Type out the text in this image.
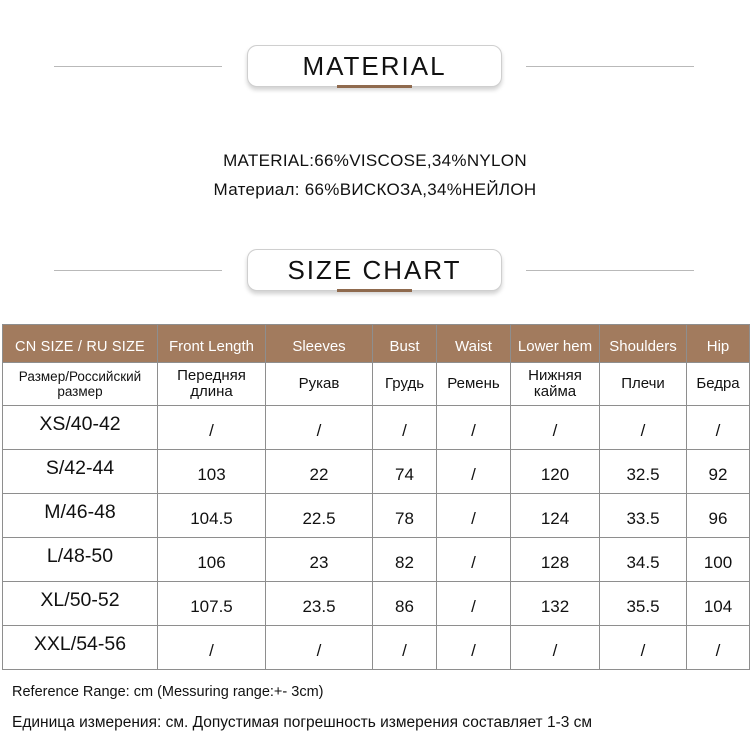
MATERIAL
MATERIAL:66%VISCOSE,34%NYLON
Материал: 66%ВИСКОЗА,34%НЕЙЛОН
SIZE CHART
CN SIZE / RU SIZE	Front Length	Sleeves	Bust	Waist	Lower hem	Shoulders	Hip
Размер/Российский размер	Передняя длина	Рукав	Грудь	Ремень	Нижняя кайма	Плечи	Бедра
XS/40-42	/	/	/	/	/	/	/
S/42-44	103	22	74	/	120	32.5	92
M/46-48	104.5	22.5	78	/	124	33.5	96
L/48-50	106	23	82	/	128	34.5	100
XL/50-52	107.5	23.5	86	/	132	35.5	104
XXL/54-56	/	/	/	/	/	/	/
Reference Range: cm (Messuring range:+- 3cm)
Единица измерения: см. Допустимая погрешность измерения составляет 1-3 см
